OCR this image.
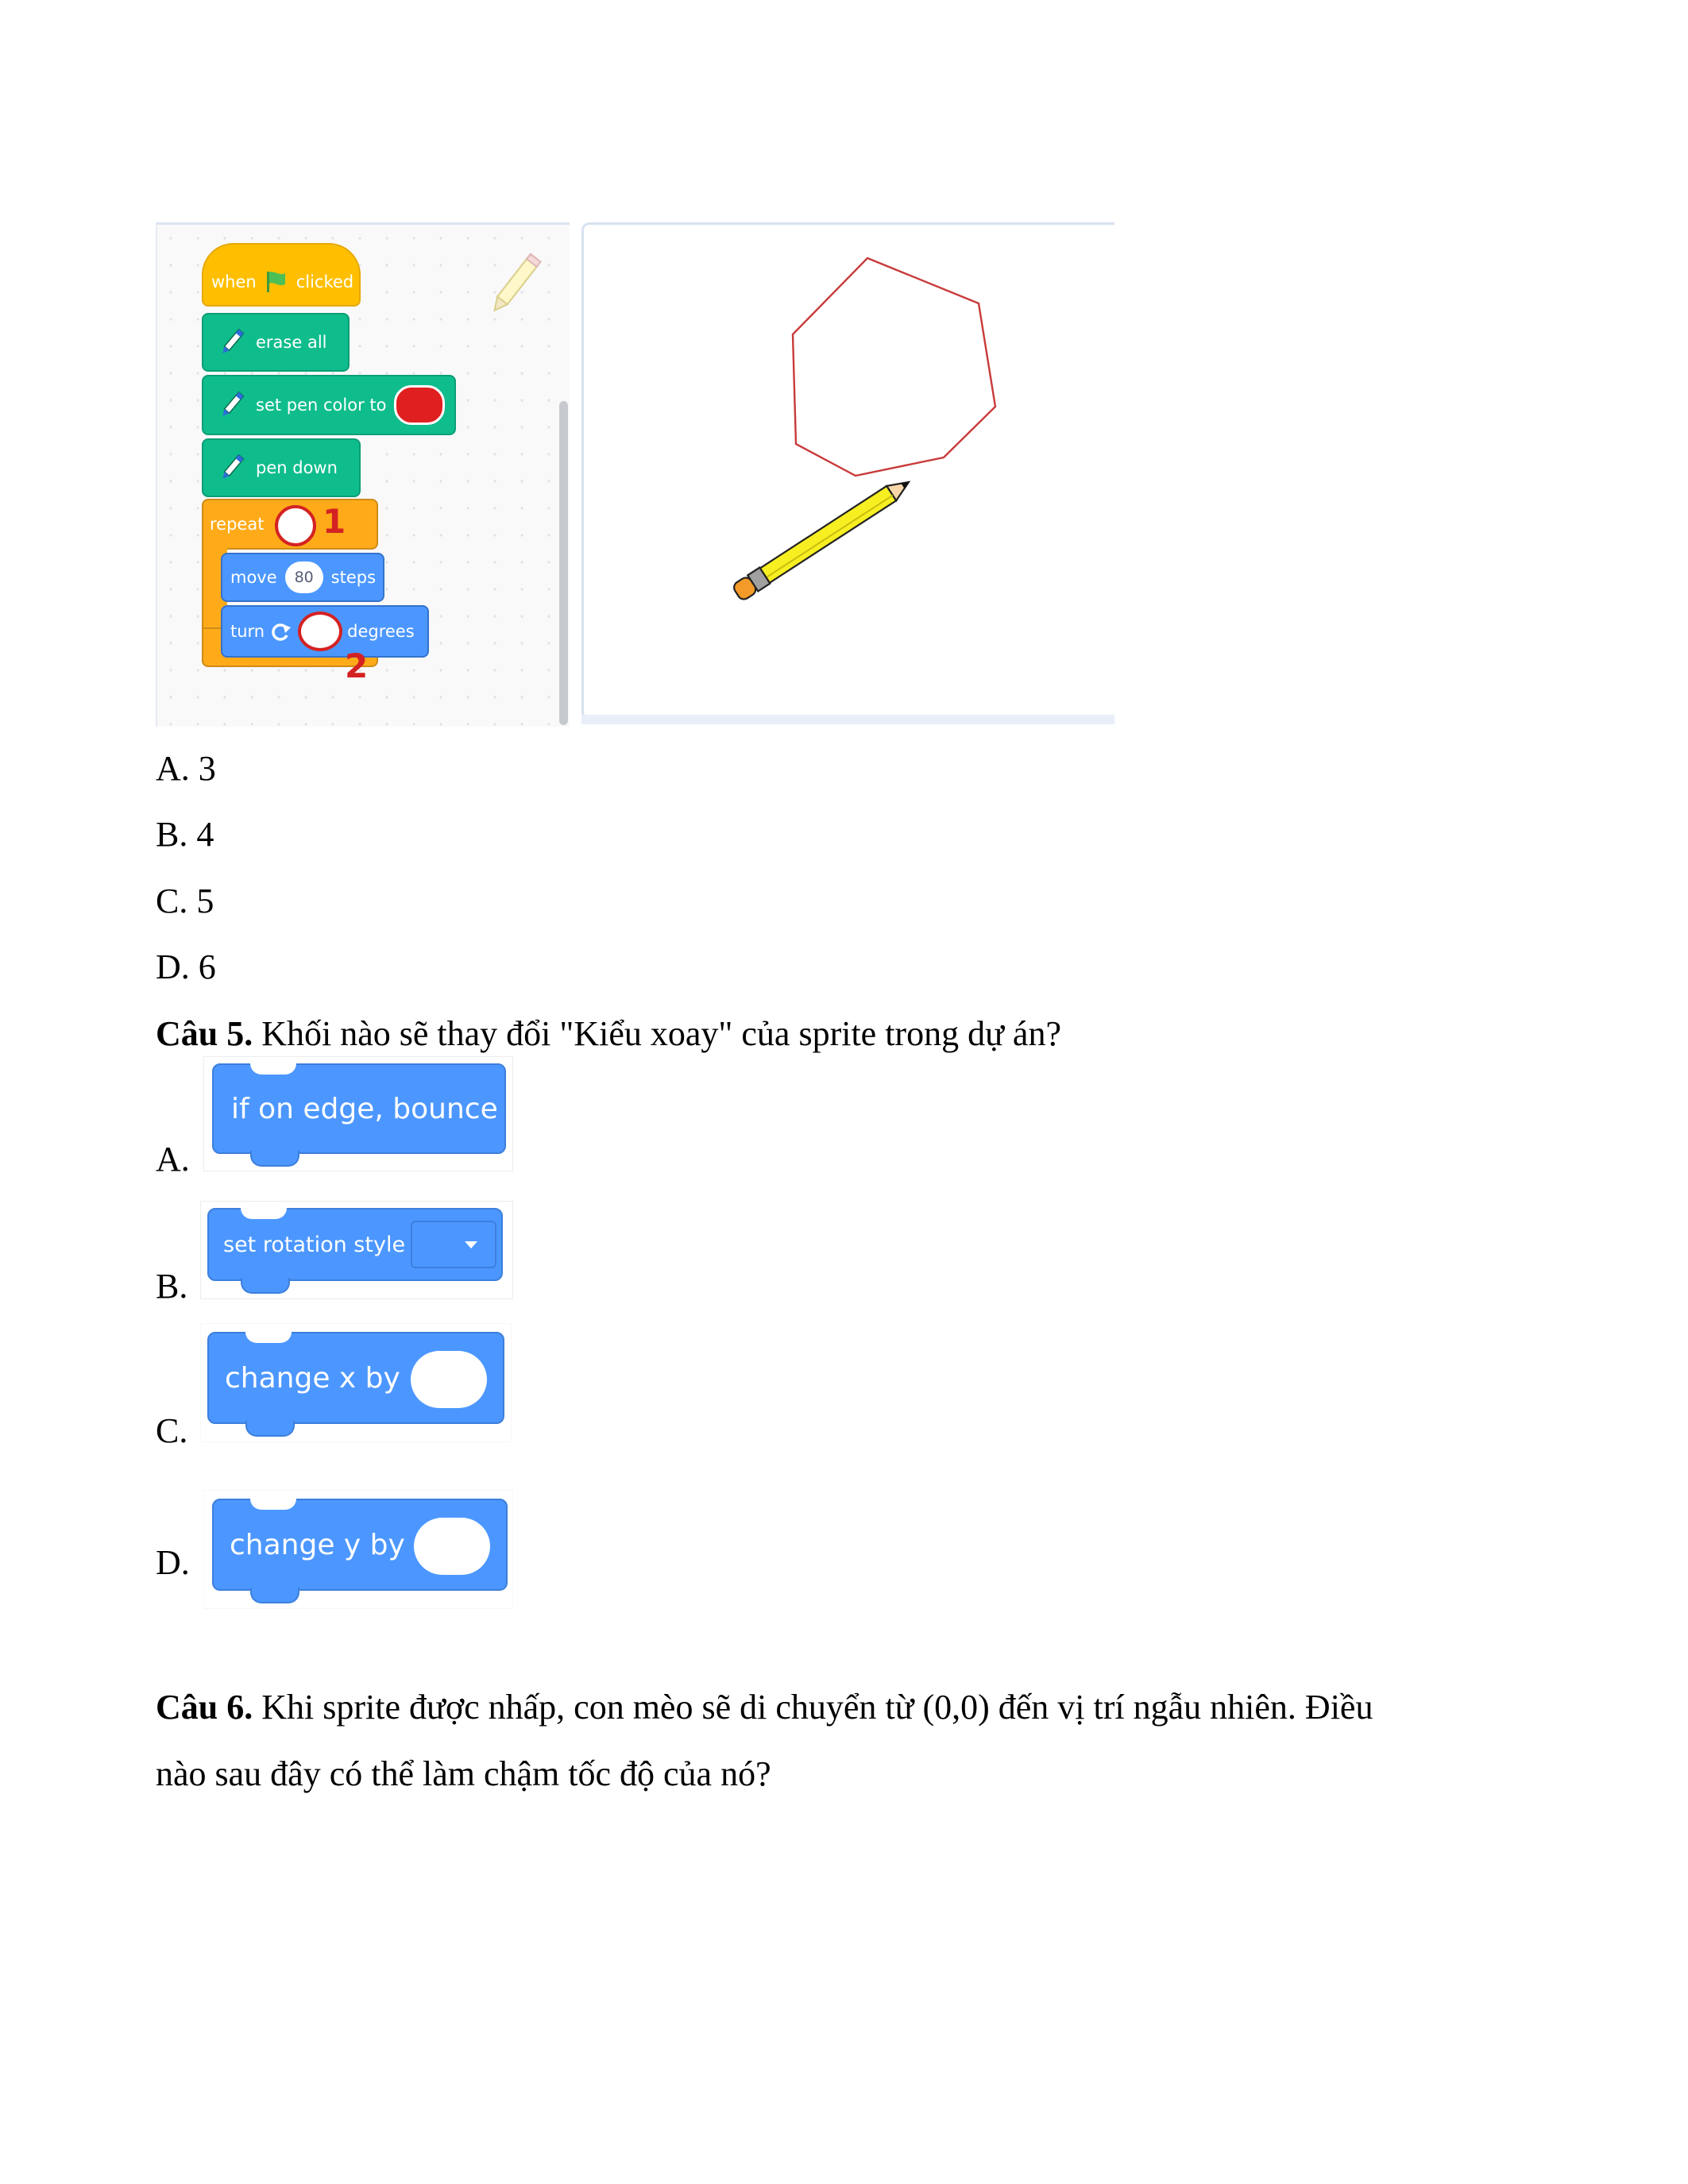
when clicked
erase all
set pen color to
pen down
repeat 1
move	80	steps
turn	degrees
2
A. 3
B. 4
C. 5
D. 6
Câu 5. Khối nào sẽ thay đổi "Kiểu xoay" của sprite trong dự án?
A.
if on edge, bounce
B.
set rotation style
C.
change x by
D. change y by
Câu 6. Khi sprite được nhấp, con mèo sẽ di chuyển từ (0,0) đến vị trí ngẫu nhiên. Điều
nào sau đây có thể làm chậm tốc độ của nó?
